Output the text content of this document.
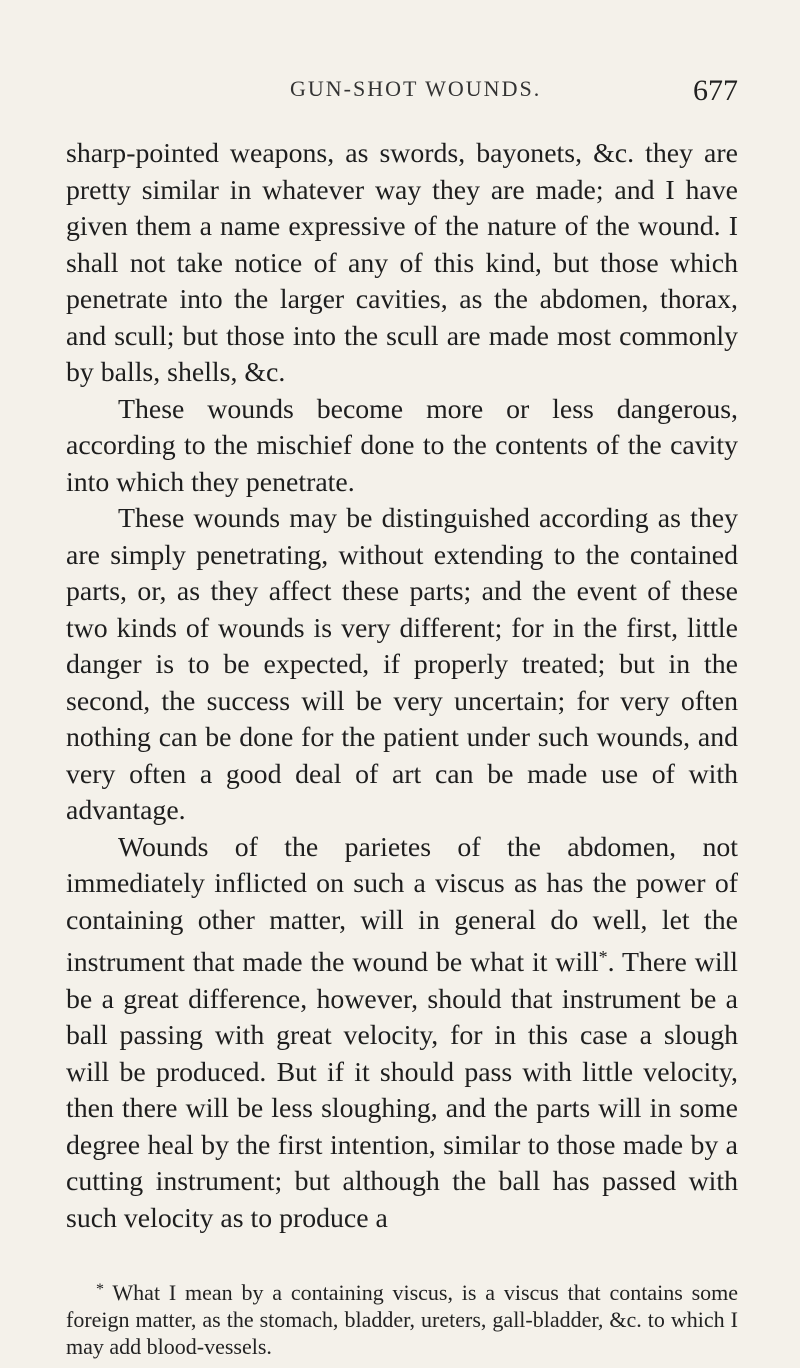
GUN-SHOT WOUNDS.	677

sharp-pointed weapons, as swords, bayonets, &c. they are pretty similar in whatever way they are made; and I have given them a name expressive of the nature of the wound. I shall not take notice of any of this kind, but those which penetrate into the larger cavities, as the abdomen, thorax, and scull; but those into the scull are made most commonly by balls, shells, &c.

These wounds become more or less dangerous, according to the mischief done to the contents of the cavity into which they penetrate.

These wounds may be distinguished according as they are simply penetrating, without extending to the contained parts, or, as they affect these parts; and the event of these two kinds of wounds is very different; for in the first, little danger is to be expected, if properly treated; but in the second, the success will be very uncertain; for very often nothing can be done for the patient under such wounds, and very often a good deal of art can be made use of with advantage.

Wounds of the parietes of the abdomen, not immediately inflicted on such a viscus as has the power of containing other matter, will in general do well, let the instrument that made the wound be what it will*. There will be a great difference, however, should that instrument be a ball passing with great velocity, for in this case a slough will be produced. But if it should pass with little velocity, then there will be less sloughing, and the parts will in some degree heal by the first intention, similar to those made by a cutting instrument; but although the ball has passed with such velocity as to produce a

* What I mean by a containing viscus, is a viscus that contains some foreign matter, as the stomach, bladder, ureters, gall-bladder, &c. to which I may add blood-vessels.
